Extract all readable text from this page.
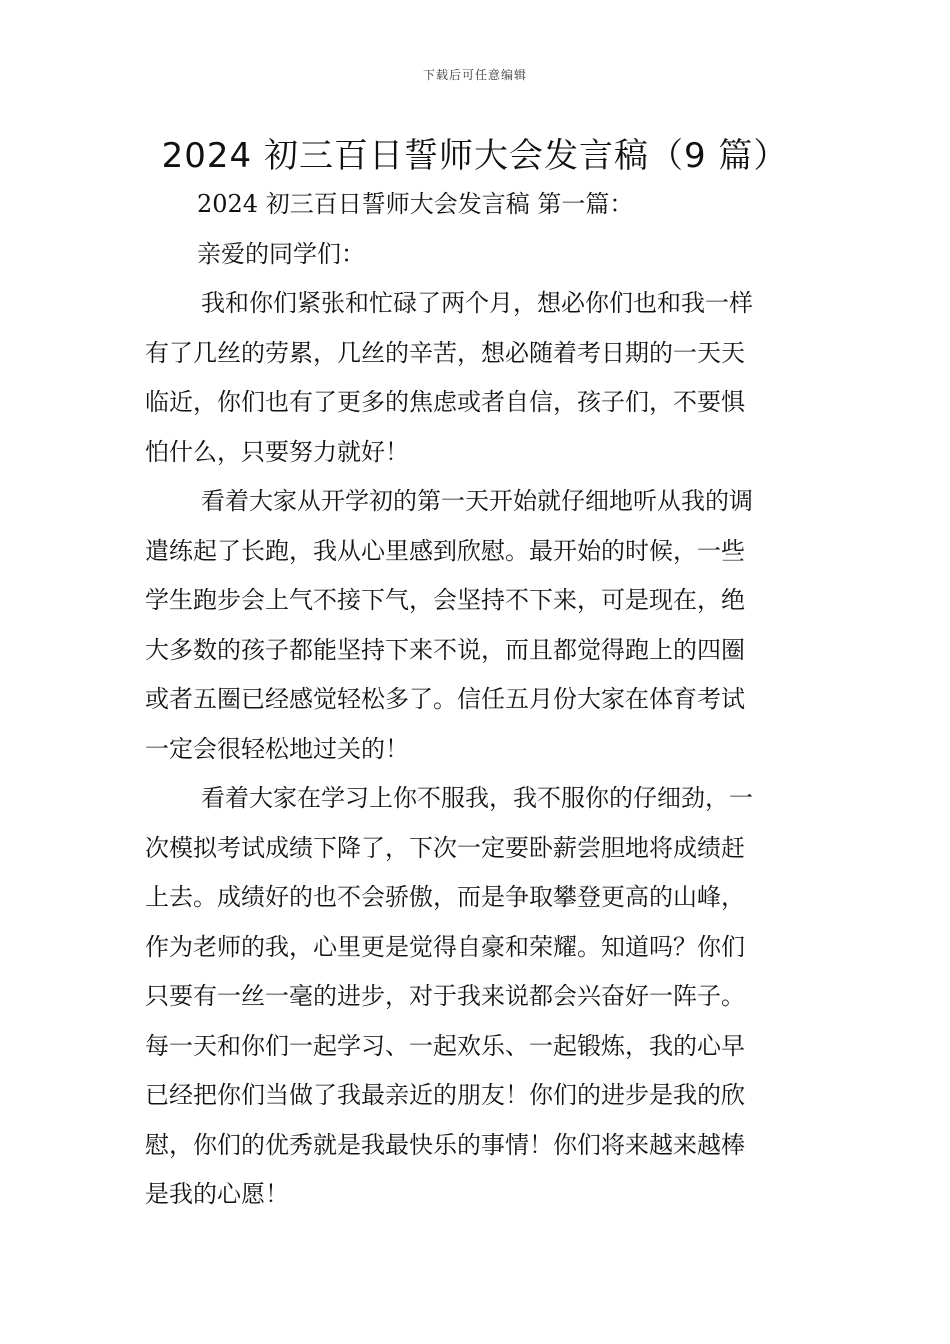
下载后可任意编辑
2024 初三百日誓师大会发言稿（9 篇）

2024 初三百日誓师大会发言稿 第一篇：

亲爱的同学们：

我和你们紧张和忙碌了两个月，想必你们也和我一样

有了几丝的劳累，几丝的辛苦，想必随着考日期的一天天

临近，你们也有了更多的焦虑或者自信，孩子们，不要惧

怕什么，只要努力就好！

看着大家从开学初的第一天开始就仔细地听从我的调

遣练起了长跑，我从心里感到欣慰。最开始的时候，一些

学生跑步会上气不接下气，会坚持不下来，可是现在，绝

大多数的孩子都能坚持下来不说，而且都觉得跑上的四圈

或者五圈已经感觉轻松多了。信任五月份大家在体育考试

一定会很轻松地过关的！

看着大家在学习上你不服我，我不服你的仔细劲，一

次模拟考试成绩下降了，下次一定要卧薪尝胆地将成绩赶

上去。成绩好的也不会骄傲，而是争取攀登更高的山峰，

作为老师的我，心里更是觉得自豪和荣耀。知道吗？你们

只要有一丝一毫的进步，对于我来说都会兴奋好一阵子。

每一天和你们一起学习、一起欢乐、一起锻炼，我的心早

已经把你们当做了我最亲近的朋友！你们的进步是我的欣

慰，你们的优秀就是我最快乐的事情！你们将来越来越棒

是我的心愿！
